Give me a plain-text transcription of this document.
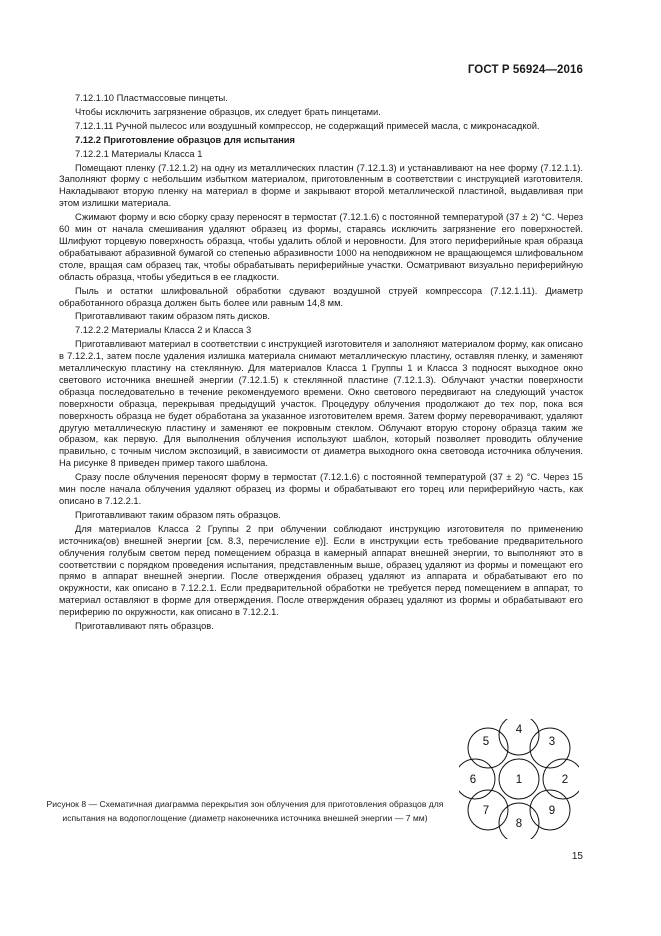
ГОСТ Р 56924—2016

7.12.1.10 Пластмассовые пинцеты.

Чтобы исключить загрязнение образцов, их следует брать пинцетами.

7.12.1.11 Ручной пылесос или воздушный компрессор, не содержащий примесей масла, с микронасадкой.

7.12.2 Приготовление образцов для испытания

7.12.2.1 Материалы Класса 1

Помещают пленку (7.12.1.2) на одну из металлических пластин (7.12.1.3) и устанавливают на нее форму (7.12.1.1). Заполняют форму с небольшим избытком материалом, приготовленным в соответствии с инструкцией изготовителя. Накладывают вторую пленку на материал в форме и закрывают второй металлической пластиной, выдавливая при этом излишки материала.

Сжимают форму и всю сборку сразу переносят в термостат (7.12.1.6) с постоянной температурой (37 ± 2) °С. Через 60 мин от начала смешивания удаляют образец из формы, стараясь исключить загрязнение его поверхностей. Шлифуют торцевую поверхность образца, чтобы удалить облой и неровности. Для этого периферийные края образца обрабатывают абразивной бумагой со степенью абразивности 1000 на неподвижном не вращающемся шлифовальном столе, вращая сам образец так, чтобы обрабатывать периферийные участки. Осматривают визуально периферийную область образца, чтобы убедиться в ее гладкости.

Пыль и остатки шлифовальной обработки сдувают воздушной струей компрессора (7.12.1.11). Диаметр обработанного образца должен быть более или равным 14,8 мм.

Приготавливают таким образом пять дисков.

7.12.2.2 Материалы Класса 2 и Класса 3

Приготавливают материал в соответствии с инструкцией изготовителя и заполняют материалом форму, как описано в 7.12.2.1, затем после удаления излишка материала снимают металлическую пластину, оставляя пленку, и заменяют металлическую пластину на стеклянную. Для материалов Класса 1 Группы 1 и Класса 3 подносят выходное окно светового источника внешней энергии (7.12.1.5) к стеклянной пластине (7.12.1.3). Облучают участки поверхности образца последовательно в течение рекомендуемого времени. Окно светового передвигают на следующий участок поверхности образца, перекрывая предыдущий участок. Процедуру облучения продолжают до тех пор, пока вся поверхность образца не будет обработана за указанное изготовителем время. Затем форму переворачивают, удаляют другую металлическую пластину и заменяют ее покровным стеклом. Облучают вторую сторону образца таким же образом, как первую. Для выполнения облучения используют шаблон, который позволяет проводить облучение правильно, с точным числом экспозиций, в зависимости от диаметра выходного окна световода источника облучения. На рисунке 8 приведен пример такого шаблона.

Сразу после облучения переносят форму в термостат (7.12.1.6) с постоянной температурой (37 ± 2) °С. Через 15 мин после начала облучения удаляют образец из формы и обрабатывают его торец или периферийную часть, как описано в 7.12.2.1.

Приготавливают таким образом пять образцов.

Для материалов Класса 2 Группы 2 при облучении соблюдают инструкцию изготовителя по применению источника(ов) внешней энергии [см. 8.3, перечисление е)]. Если в инструкции есть требование предварительного облучения голубым светом перед помещением образца в камерный аппарат внешней энергии, то выполняют это в соответствии с порядком проведения испытания, представленным выше, образец удаляют из формы и помещают его прямо в аппарат внешней энергии. После отверждения образец удаляют из аппарата и обрабатывают его по окружности, как описано в 7.12.2.1. Если предварительной обработки не требуется перед помещением в аппарат, то материал оставляют в форме для отверждения. После отверждения образец удаляют из формы и обрабатывают его периферию по окружности, как описано в 7.12.2.1.

Приготавливают пять образцов.

1	2
3
4
5
6
7
8
9
Рисунок 8 — Схематичная диаграмма перекрытия зон облучения для приготовления образцов для испытания на водопоглощение (диаметр наконечника источника внешней энергии — 7 мм)
15
